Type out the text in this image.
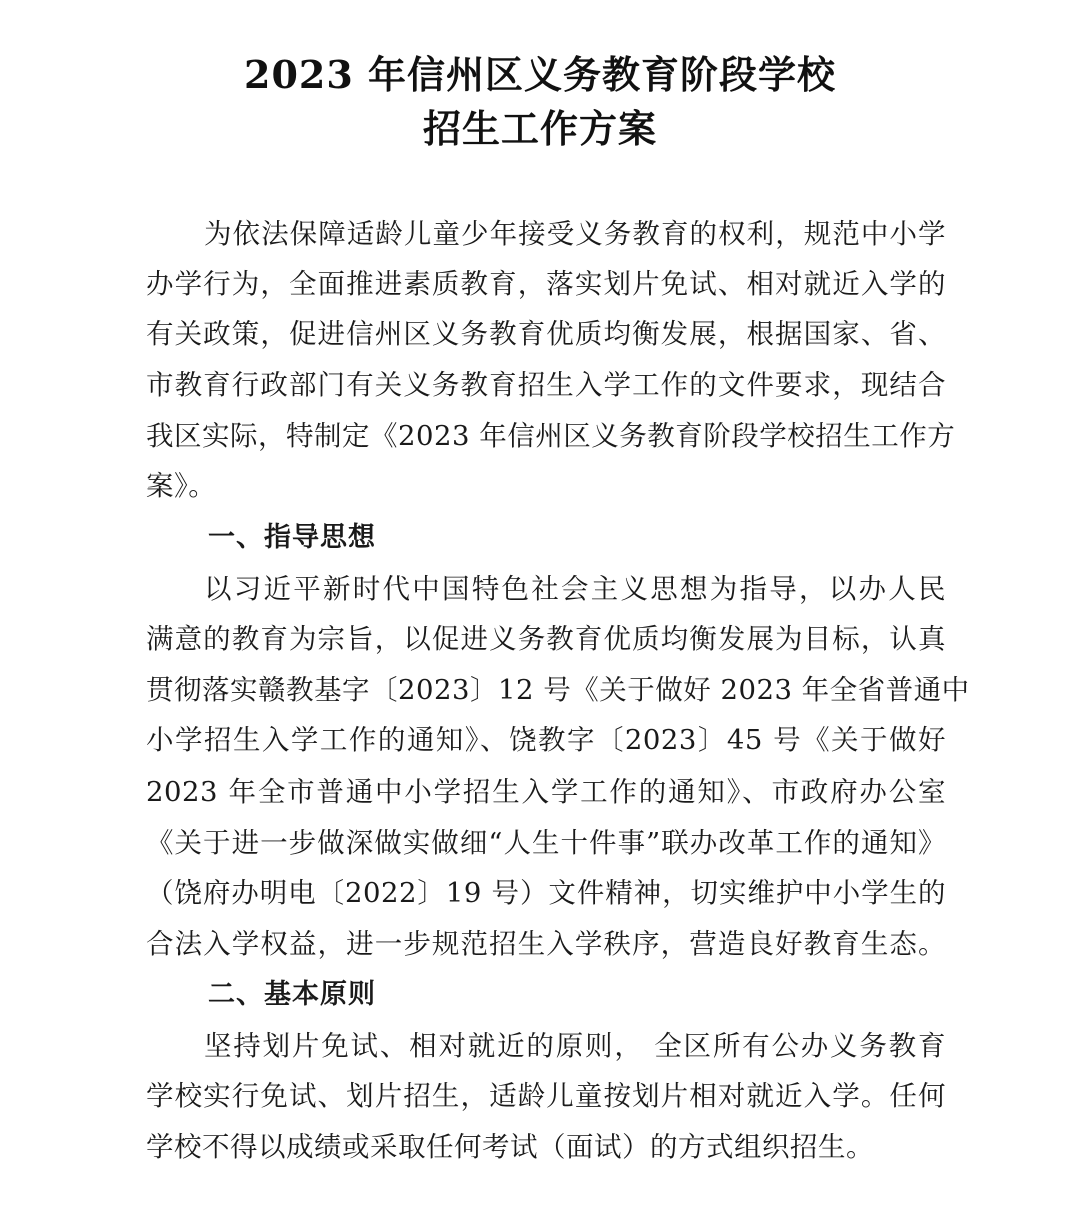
2023 年信州区义务教育阶段学校
招生工作方案
为依法保障适龄儿童少年接受义务教育的权利，规范中小学
办学行为，全面推进素质教育，落实划片免试、相对就近入学的
有关政策，促进信州区义务教育优质均衡发展，根据国家、省、
市教育行政部门有关义务教育招生入学工作的文件要求，现结合
我区实际，特制定《2023 年信州区义务教育阶段学校招生工作方
案》。
一、指导思想
以习近平新时代中国特色社会主义思想为指导，以办人民
满意的教育为宗旨，以促进义务教育优质均衡发展为目标，认真
贯彻落实赣教基字〔2023〕12 号《关于做好 2023 年全省普通中
小学招生入学工作的通知》、饶教字〔2023〕45 号《关于做好
2023 年全市普通中小学招生入学工作的通知》、市政府办公室
《关于进一步做深做实做细“人生十件事”联办改革工作的通知》
（饶府办明电〔2022〕19 号）文件精神，切实维护中小学生的
合法入学权益，进一步规范招生入学秩序，营造良好教育生态。
二、基本原则
坚持划片免试、相对就近的原则， 全区所有公办义务教育
学校实行免试、划片招生，适龄儿童按划片相对就近入学。任何
学校不得以成绩或采取任何考试（面试）的方式组织招生。
